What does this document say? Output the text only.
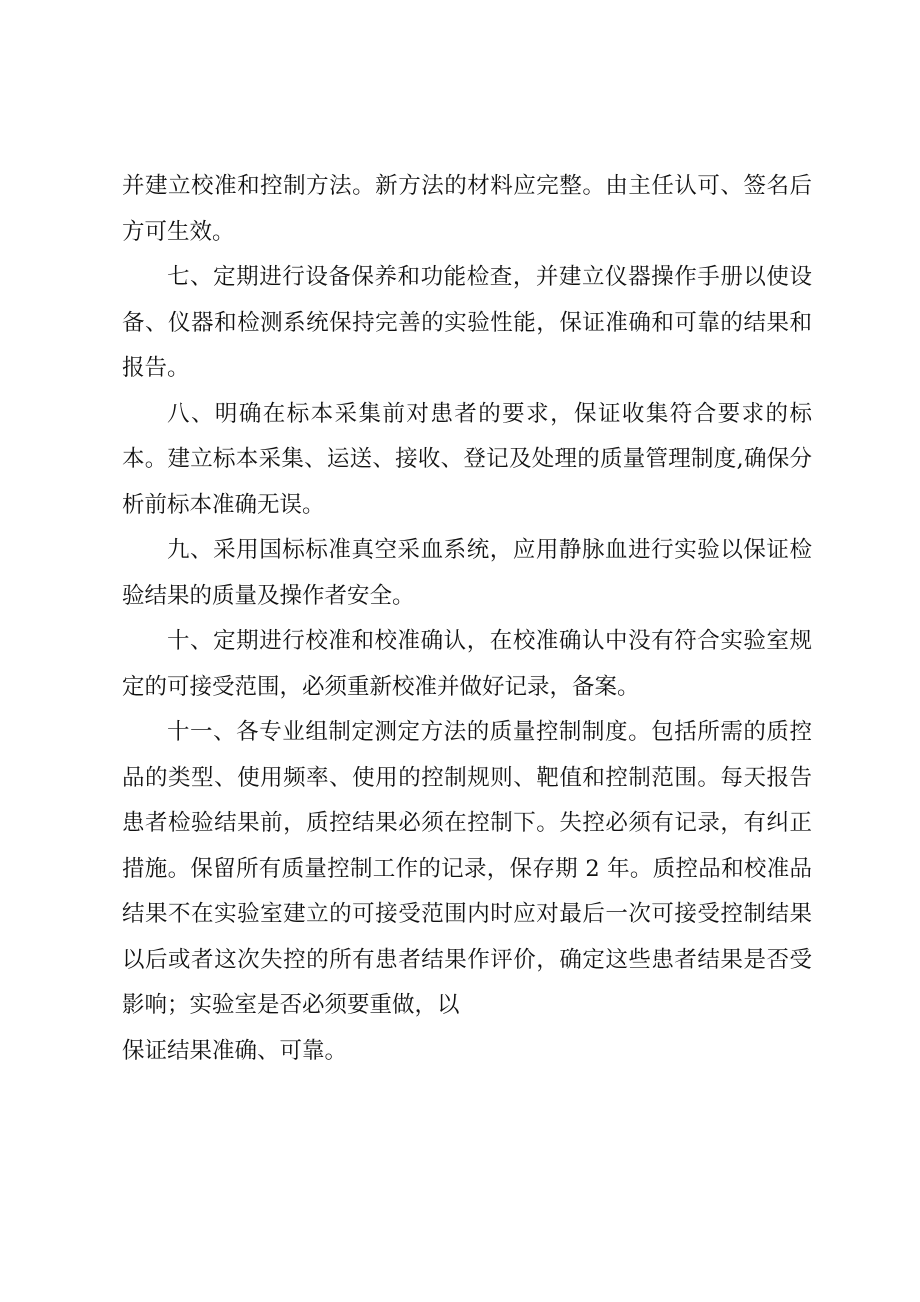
并建立校准和控制方法。新方法的材料应完整。由主任认可、签名后方可生效。

七、定期进行设备保养和功能检查，并建立仪器操作手册以使设备、仪器和检测系统保持完善的实验性能，保证准确和可靠的结果和报告。

八、明确在标本采集前对患者的要求，保证收集符合要求的标本。建立标本采集、运送、接收、登记及处理的质量管理制度,确保分析前标本准确无误。

九、采用国标标准真空采血系统，应用静脉血进行实验以保证检验结果的质量及操作者安全。

十、定期进行校准和校准确认，在校准确认中没有符合实验室规定的可接受范围，必须重新校准并做好记录，备案。

十一、各专业组制定测定方法的质量控制制度。包括所需的质控品的类型、使用频率、使用的控制规则、靶值和控制范围。每天报告患者检验结果前，质控结果必须在控制下。失控必须有记录，有纠正措施。保留所有质量控制工作的记录，保存期 2 年。质控品和校准品结果不在实验室建立的可接受范围内时应对最后一次可接受控制结果以后或者这次失控的所有患者结果作评价，确定这些患者结果是否受影响；实验室是否必须要重做，以

保证结果准确、可靠。
